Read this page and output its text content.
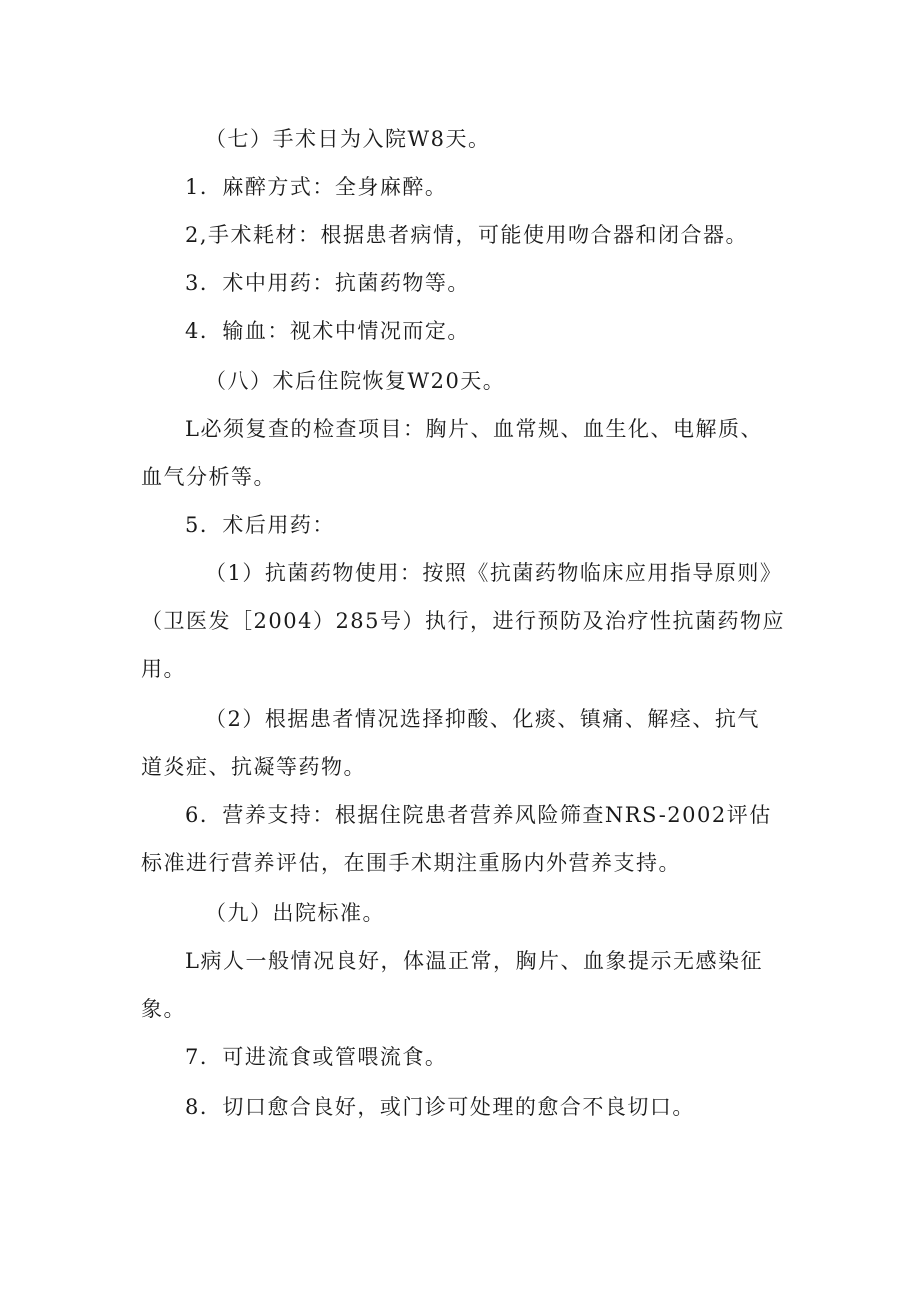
（七）手术日为入院W8天。
1．麻醉方式：全身麻醉。
2,手术耗材：根据患者病情，可能使用吻合器和闭合器。
3．术中用药：抗菌药物等。
4．输血：视术中情况而定。
（八）术后住院恢复W20天。
L必须复查的检查项目：胸片、血常规、血生化、电解质、
血气分析等。
5．术后用药：
（1）抗菌药物使用：按照《抗菌药物临床应用指导原则》
（卫医发［2004）285号）执行，进行预防及治疗性抗菌药物应
用。
（2）根据患者情况选择抑酸、化痰、镇痛、解痉、抗气
道炎症、抗凝等药物。
6．营养支持：根据住院患者营养风险筛查NRS-2002评估
标准进行营养评估，在围手术期注重肠内外营养支持。
（九）出院标准。
L病人一般情况良好，体温正常，胸片、血象提示无感染征
象。
7．可进流食或管喂流食。
8．切口愈合良好，或门诊可处理的愈合不良切口。
